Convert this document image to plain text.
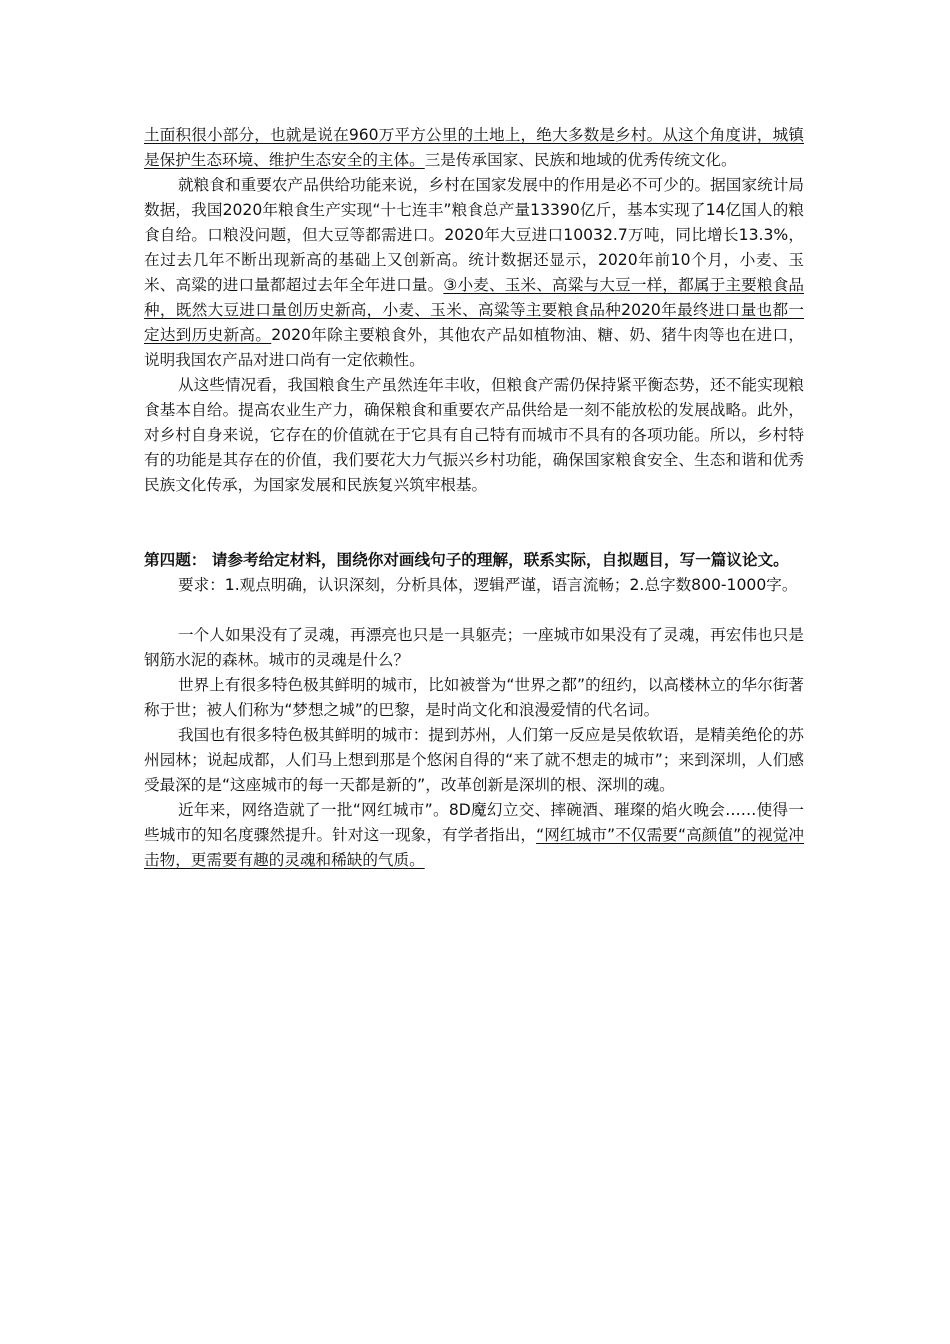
土面积很小部分，也就是说在960万平方公里的土地上，绝大多数是乡村。从这个角度讲，城镇是保护生态环境、维护生态安全的主体。三是传承国家、民族和地域的优秀传统文化。

就粮食和重要农产品供给功能来说，乡村在国家发展中的作用是必不可少的。据国家统计局数据，我国2020年粮食生产实现“十七连丰”粮食总产量13390亿斤，基本实现了14亿国人的粮食自给。口粮没问题，但大豆等都需进口。2020年大豆进口10032.7万吨，同比增长13.3%，在过去几年不断出现新高的基础上又创新高。统计数据还显示，2020年前10个月，小麦、玉米、高粱的进口量都超过去年全年进口量。③小麦、玉米、高粱与大豆一样，都属于主要粮食品种，既然大豆进口量创历史新高，小麦、玉米、高粱等主要粮食品种2020年最终进口量也都一定达到历史新高。2020年除主要粮食外，其他农产品如植物油、糖、奶、猪牛肉等也在进口，说明我国农产品对进口尚有一定依赖性。

从这些情况看，我国粮食生产虽然连年丰收，但粮食产需仍保持紧平衡态势，还不能实现粮食基本自给。提高农业生产力，确保粮食和重要农产品供给是一刻不能放松的发展战略。此外，对乡村自身来说，它存在的价值就在于它具有自己特有而城市不具有的各项功能。所以，乡村特有的功能是其存在的价值，我们要花大力气振兴乡村功能，确保国家粮食安全、生态和谐和优秀民族文化传承，为国家发展和民族复兴筑牢根基。

第四题： 请参考给定材料，围绕你对画线句子的理解，联系实际，自拟题目，写一篇议论文。

要求：1.观点明确，认识深刻，分析具体，逻辑严谨，语言流畅；2.总字数800-1000字。

一个人如果没有了灵魂，再漂亮也只是一具躯壳；一座城市如果没有了灵魂，再宏伟也只是钢筋水泥的森林。城市的灵魂是什么？

世界上有很多特色极其鲜明的城市，比如被誉为“世界之都”的纽约，以高楼林立的华尔街著称于世；被人们称为“梦想之城”的巴黎，是时尚文化和浪漫爱情的代名词。

我国也有很多特色极其鲜明的城市：提到苏州，人们第一反应是吴侬软语，是精美绝伦的苏州园林；说起成都，人们马上想到那是个悠闲自得的“来了就不想走的城市”；来到深圳，人们感受最深的是“这座城市的每一天都是新的”，改革创新是深圳的根、深圳的魂。

近年来，网络造就了一批“网红城市”。8D魔幻立交、摔碗酒、璀璨的焰火晚会……使得一些城市的知名度骤然提升。针对这一现象，有学者指出，“网红城市”不仅需要“高颜值”的视觉冲击物，更需要有趣的灵魂和稀缺的气质。
